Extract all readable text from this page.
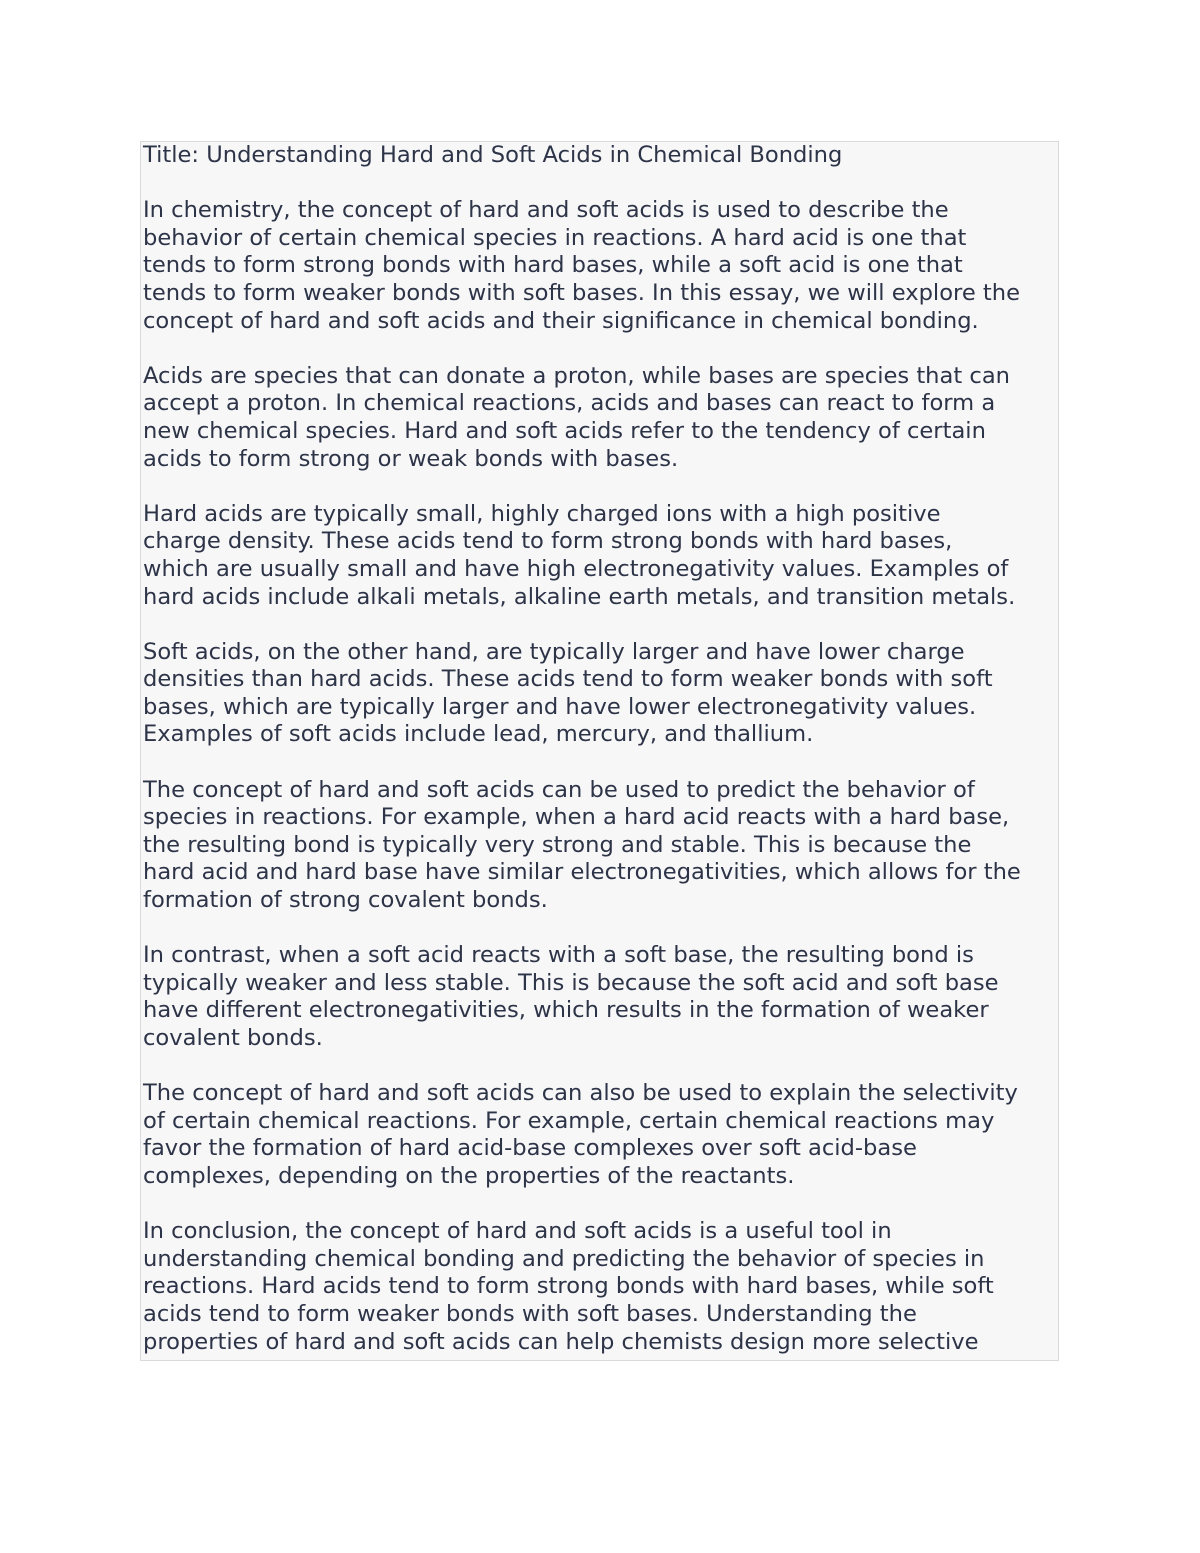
Title: Understanding Hard and Soft Acids in Chemical Bonding
In chemistry, the concept of hard and soft acids is used to describe the
behavior of certain chemical species in reactions. A hard acid is one that
tends to form strong bonds with hard bases, while a soft acid is one that
tends to form weaker bonds with soft bases. In this essay, we will explore the
concept of hard and soft acids and their significance in chemical bonding.
Acids are species that can donate a proton, while bases are species that can
accept a proton. In chemical reactions, acids and bases can react to form a
new chemical species. Hard and soft acids refer to the tendency of certain
acids to form strong or weak bonds with bases.
Hard acids are typically small, highly charged ions with a high positive
charge density. These acids tend to form strong bonds with hard bases,
which are usually small and have high electronegativity values. Examples of
hard acids include alkali metals, alkaline earth metals, and transition metals.
Soft acids, on the other hand, are typically larger and have lower charge
densities than hard acids. These acids tend to form weaker bonds with soft
bases, which are typically larger and have lower electronegativity values.
Examples of soft acids include lead, mercury, and thallium.
The concept of hard and soft acids can be used to predict the behavior of
species in reactions. For example, when a hard acid reacts with a hard base,
the resulting bond is typically very strong and stable. This is because the
hard acid and hard base have similar electronegativities, which allows for the
formation of strong covalent bonds.
In contrast, when a soft acid reacts with a soft base, the resulting bond is
typically weaker and less stable. This is because the soft acid and soft base
have different electronegativities, which results in the formation of weaker
covalent bonds.
The concept of hard and soft acids can also be used to explain the selectivity
of certain chemical reactions. For example, certain chemical reactions may
favor the formation of hard acid-base complexes over soft acid-base
complexes, depending on the properties of the reactants.
In conclusion, the concept of hard and soft acids is a useful tool in
understanding chemical bonding and predicting the behavior of species in
reactions. Hard acids tend to form strong bonds with hard bases, while soft
acids tend to form weaker bonds with soft bases. Understanding the
properties of hard and soft acids can help chemists design more selective
